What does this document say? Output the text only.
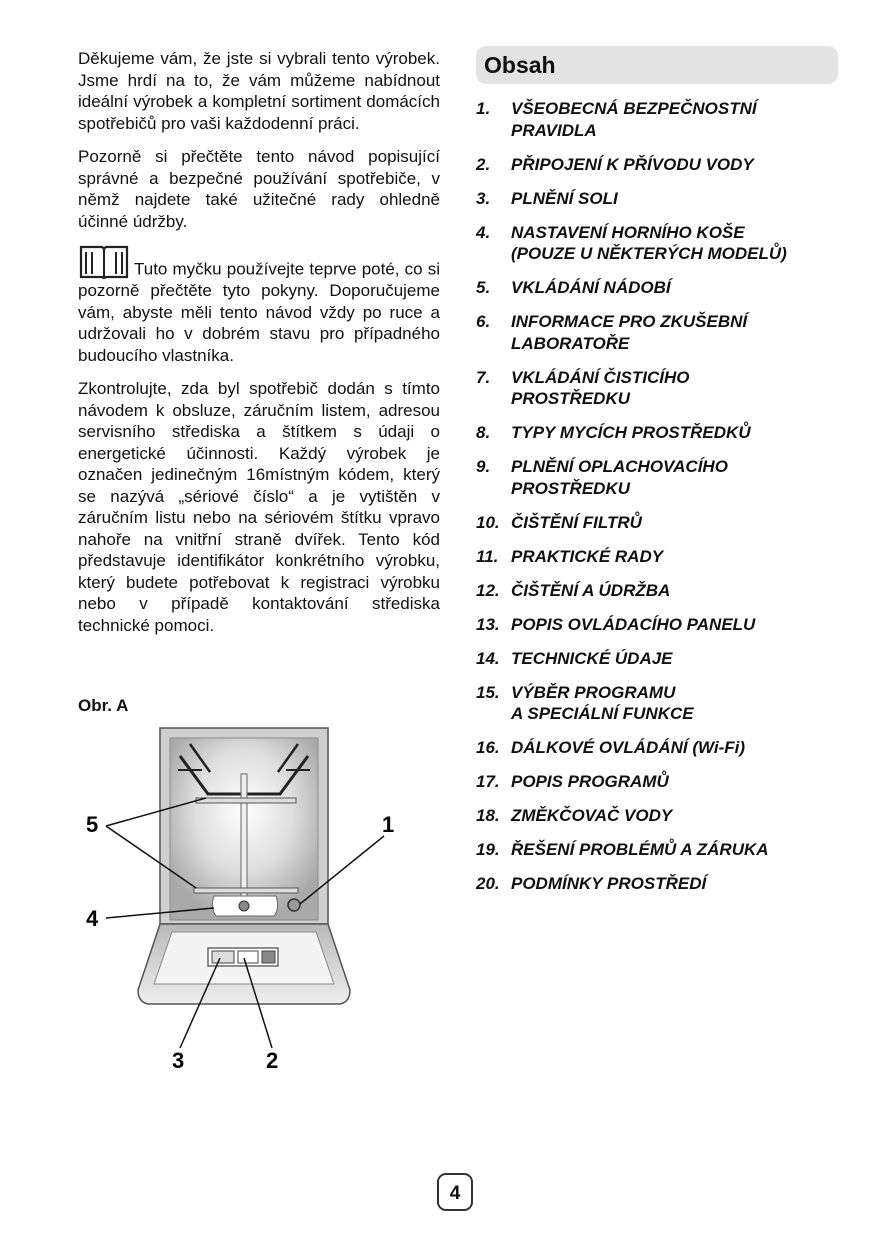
Děkujeme vám, že jste si vybrali tento výrobek. Jsme hrdí na to, že vám můžeme nabídnout ideální výrobek a kompletní sortiment domácích spotřebičů pro vaši každodenní práci.

Pozorně si přečtěte tento návod popisující správné a bezpečné používání spotřebiče, v němž najdete také užitečné rady ohledně účinné údržby.

Tuto myčku používejte teprve poté, co si pozorně přečtěte tyto pokyny. Doporučujeme vám, abyste měli tento návod vždy po ruce a udržovali ho v dobrém stavu pro případného budoucího vlastníka.

Zkontrolujte, zda byl spotřebič dodán s tímto návodem k obsluze, záručním listem, adresou servisního střediska a štítkem s údaji o energetické účinnosti. Každý výrobek je označen jedinečným 16místným kódem, který se nazývá „sériové číslo“ a je vytištěn v záručním listu nebo na sériovém štítku vpravo nahoře na vnitřní straně dvířek. Tento kód představuje identifikátor konkrétního výrobku, který budete potřebovat k registraci výrobku nebo v případě kontaktování střediska technické pomoci.

Obr. A
5	1
4
3	2
Obsah
1.	VŠEOBECNÁ BEZPEČNOSTNÍ
PRAVIDLA
2.	PŘIPOJENÍ K PŘÍVODU VODY
3.	PLNĚNÍ SOLI
4.	NASTAVENÍ HORNÍHO KOŠE
(POUZE U NĚKTERÝCH MODELŮ)
5.	VKLÁDÁNÍ NÁDOBÍ
6.	INFORMACE PRO ZKUŠEBNÍ
LABORATOŘE
7.	VKLÁDÁNÍ ČISTICÍHO
PROSTŘEDKU
8.	TYPY MYCÍCH PROSTŘEDKŮ
9.	PLNĚNÍ OPLACHOVACÍHO
PROSTŘEDKU
10. ČIŠTĚNÍ FILTRŮ
11. PRAKTICKÉ RADY
12. ČIŠTĚNÍ A ÚDRŽBA
13. POPIS OVLÁDACÍHO PANELU
14. TECHNICKÉ ÚDAJE
15. VÝBĚR PROGRAMU
A SPECIÁLNÍ FUNKCE
16. DÁLKOVÉ OVLÁDÁNÍ (Wi-Fi)
17. POPIS PROGRAMŮ
18. ZMĚKČOVAČ VODY
19. ŘEŠENÍ PROBLÉMŮ A ZÁRUKA
20. PODMÍNKY PROSTŘEDÍ
4
